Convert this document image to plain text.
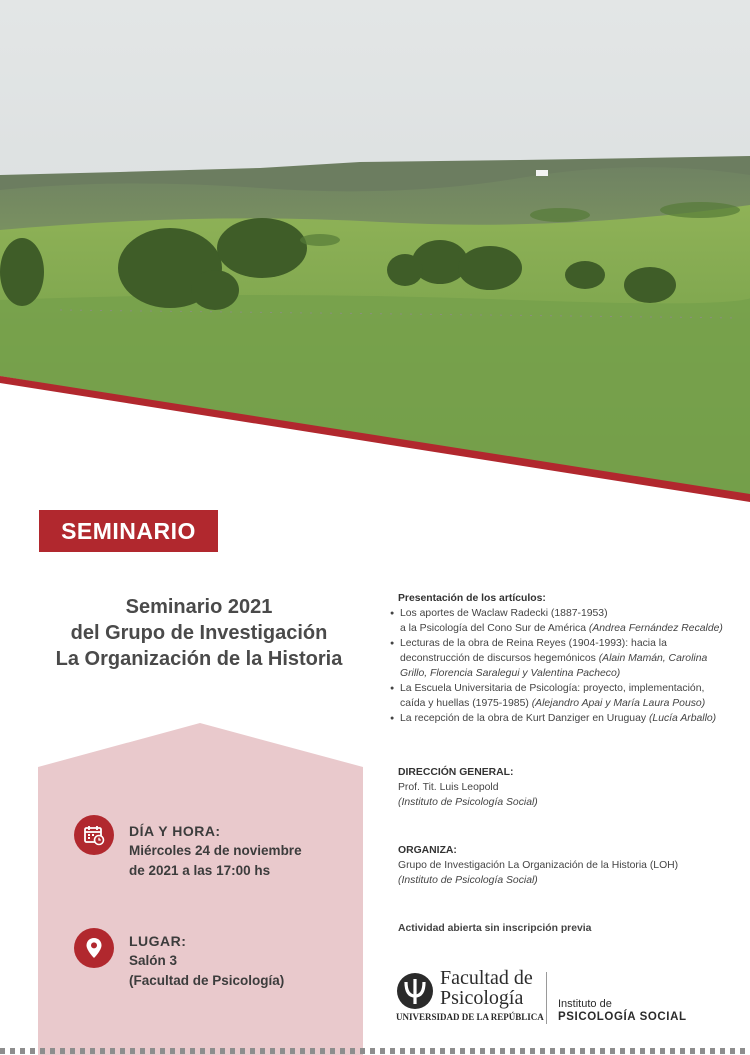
SEMINARIO
Seminario 2021
del Grupo de Investigación
La Organización de la Historia
DÍA Y HORA:
Miércoles 24 de noviembre
de 2021 a las 17:00 hs
LUGAR:
Salón 3
(Facultad de Psicología)
Presentación de los artículos:
● Los aportes de Waclaw Radecki (1887-1953)
a la Psicología del Cono Sur de América (Andrea Fernández Recalde)
● Lecturas de la obra de Reina Reyes (1904-1993): hacia la
deconstrucción de discursos hegemónicos (Alain Mamán, Carolina
Grillo, Florencia Saralegui y Valentina Pacheco)
● La Escuela Universitaria de Psicología: proyecto, implementación,
caída y huellas (1975-1985) (Alejandro Apai y María Laura Pouso)
● La recepción de la obra de Kurt Danziger en Uruguay (Lucía Arballo)
DIRECCIÓN GENERAL:
Prof. Tit. Luis Leopold
(Instituto de Psicología Social)
ORGANIZA:
Grupo de Investigación La Organización de la Historia (LOH)
(Instituto de Psicología Social)
Actividad abierta sin inscripción previa
Facultad de
Psicología
UNIVERSIDAD DE LA REPÚBLICA
Instituto de
PSICOLOGÍA SOCIAL
